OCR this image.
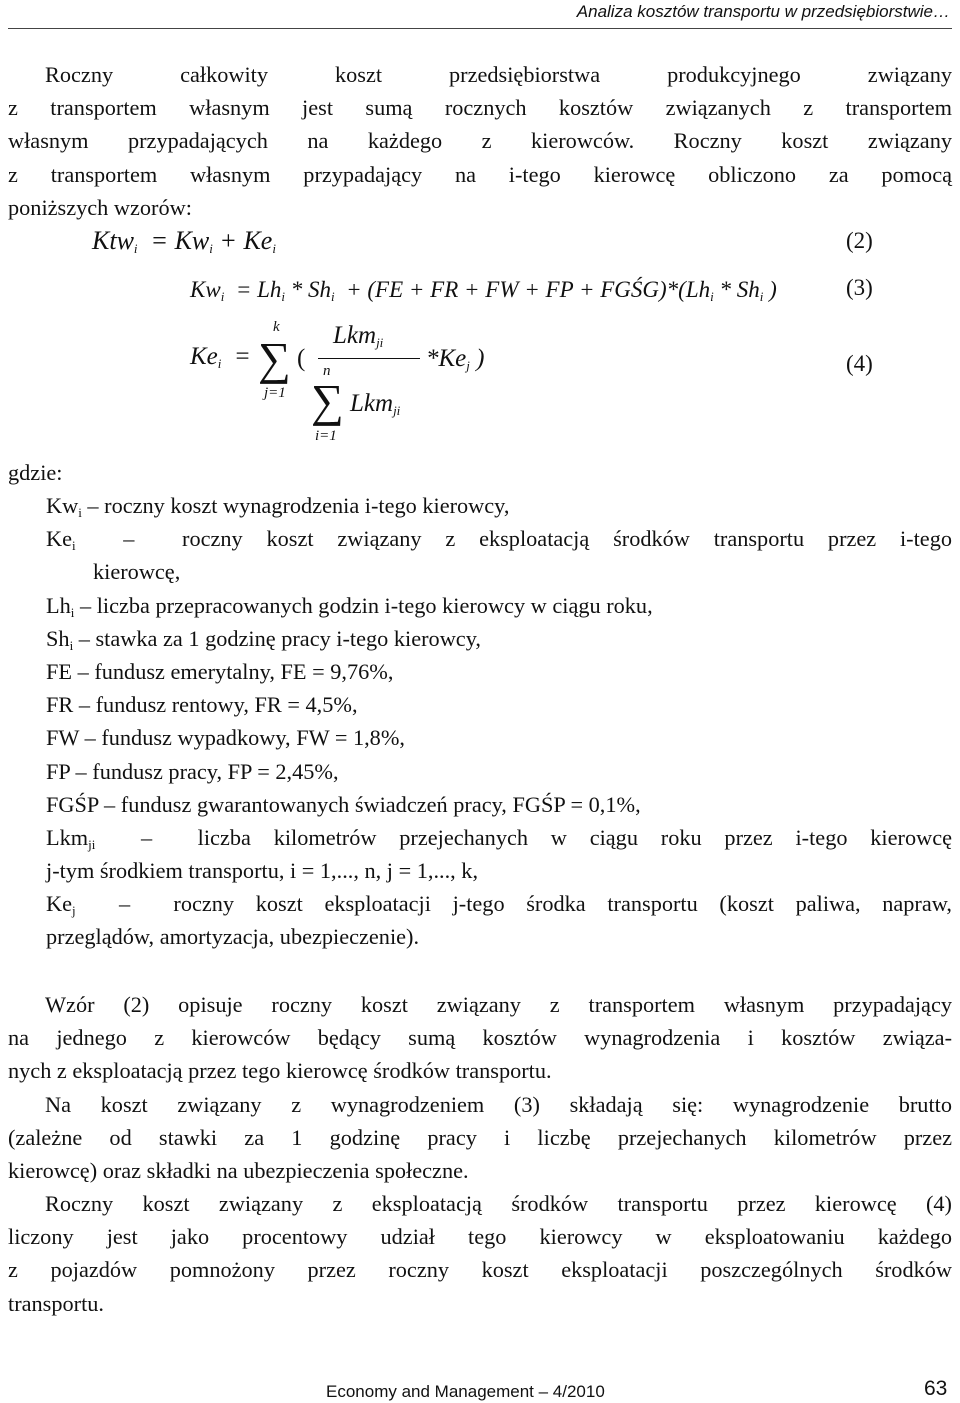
Analiza kosztów transportu w przedsiębiorstwie…
Roczny całkowity koszt przedsiębiorstwa produkcyjnego związany
z transportem własnym jest sumą rocznych kosztów związanych z transportem
własnym przypadających na każdego z kierowców. Roczny koszt związany
z transportem własnym przypadający na i-tego kierowcę obliczono za pomocą
poniższych wzorów:
$Ktw_i = Kw_i + Ke_i$	(2)
$Kw_i = Lh_i * Sh_i + (FE$ + FR + FW + FP + $FGŚG)*(Lh_i * Sh_i$ )	(3)
$Ke_i$  =
k
∑
j=1
(
Lkm$_{ji}$
n
∑ Lkm$_{ji}$
i=1
$*Ke_j$ )	(4)
gdzie:
$Kw_i$ – roczny koszt wynagrodzenia i-tego kierowcy,
$Ke_i$  –  roczny koszt związany z eksploatacją środków transportu przez i-tego
kierowcę,
$Lh_i$ – liczba przepracowanych godzin i-tego kierowcy w ciągu roku,
$Sh_i$ – stawka za 1 godzinę pracy i-tego kierowcy,
FE – fundusz emerytalny, FE = 9,76%,
FR – fundusz rentowy, FR = 4,5%,
FW – fundusz wypadkowy, FW = 1,8%,
FP – fundusz pracy, FP = 2,45%,
FGŚP – fundusz gwarantowanych świadczeń pracy, FGŚP = 0,1%,
Lkm$_{ji}$  –  liczba kilometrów przejechanych w ciągu roku przez i-tego kierowcę
j-tym środkiem transportu, i = 1,..., n, j = 1,..., k,
$Ke_j$  –  roczny koszt eksploatacji j-tego środka transportu (koszt paliwa, napraw,
przeglądów, amortyzacja, ubezpieczenie).
Wzór (2) opisuje roczny koszt związany z transportem własnym przypadający
na jednego z kierowców będący sumą kosztów wynagrodzenia i kosztów związa-
nych z eksploatacją przez tego kierowcę środków transportu.
Na koszt związany z wynagrodzeniem (3) składają się: wynagrodzenie brutto
(zależne od stawki za 1 godzinę pracy i liczbę przejechanych kilometrów przez
kierowcę) oraz składki na ubezpieczenia społeczne.
Roczny koszt związany z eksploatacją środków transportu przez kierowcę (4)
liczony jest jako procentowy udział tego kierowcy w eksploatowaniu każdego
z pojazdów pomnożony przez roczny koszt eksploatacji poszczególnych środków
transportu.
Economy and Management – 4/2010	63
